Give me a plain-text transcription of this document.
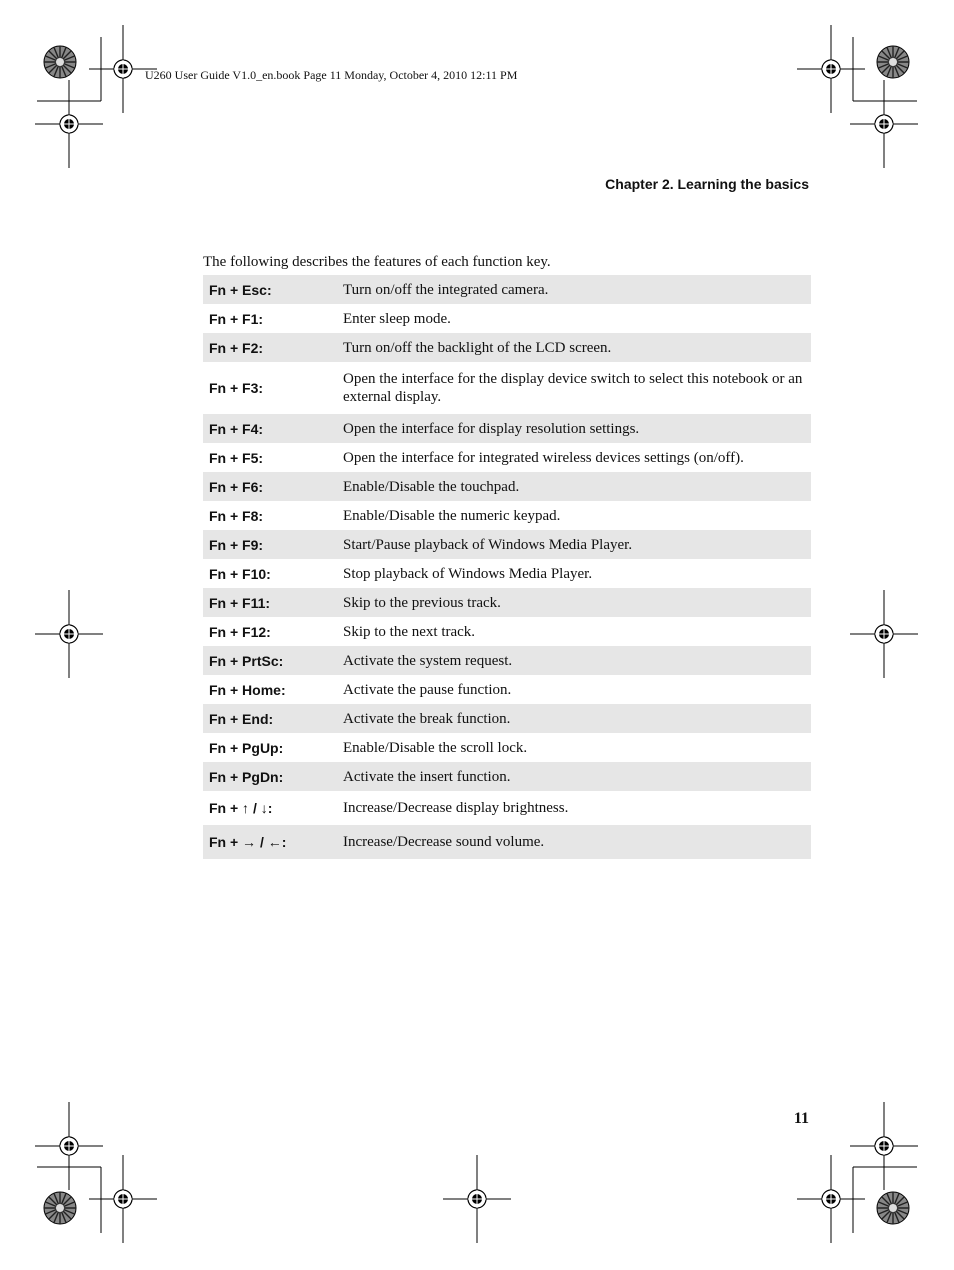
U260 User Guide V1.0_en.book Page 11 Monday, October 4, 2010 12:11 PM
Chapter 2. Learning the basics
The following describes the features of each function key.
Fn + Esc:	Turn on/off the integrated camera.
Fn + F1:	Enter sleep mode.
Fn + F2:	Turn on/off the backlight of the LCD screen.
Fn + F3:	Open the interface for the display device switch to select this notebook or an external display.
Fn + F4:	Open the interface for display resolution settings.
Fn + F5:	Open the interface for integrated wireless devices settings (on/off).
Fn + F6:	Enable/Disable the touchpad.
Fn + F8:	Enable/Disable the numeric keypad.
Fn + F9:	Start/Pause playback of Windows Media Player.
Fn + F10:	Stop playback of Windows Media Player.
Fn + F11:	Skip to the previous track.
Fn + F12:	Skip to the next track.
Fn + PrtSc:	Activate the system request.
Fn + Home:	Activate the pause function.
Fn + End:	Activate the break function.
Fn + PgUp:	Enable/Disable the scroll lock.
Fn + PgDn:	Activate the insert function.
Fn + ↑ / ↓:	Increase/Decrease display brightness.
Fn + → / ←:	Increase/Decrease sound volume.
11
